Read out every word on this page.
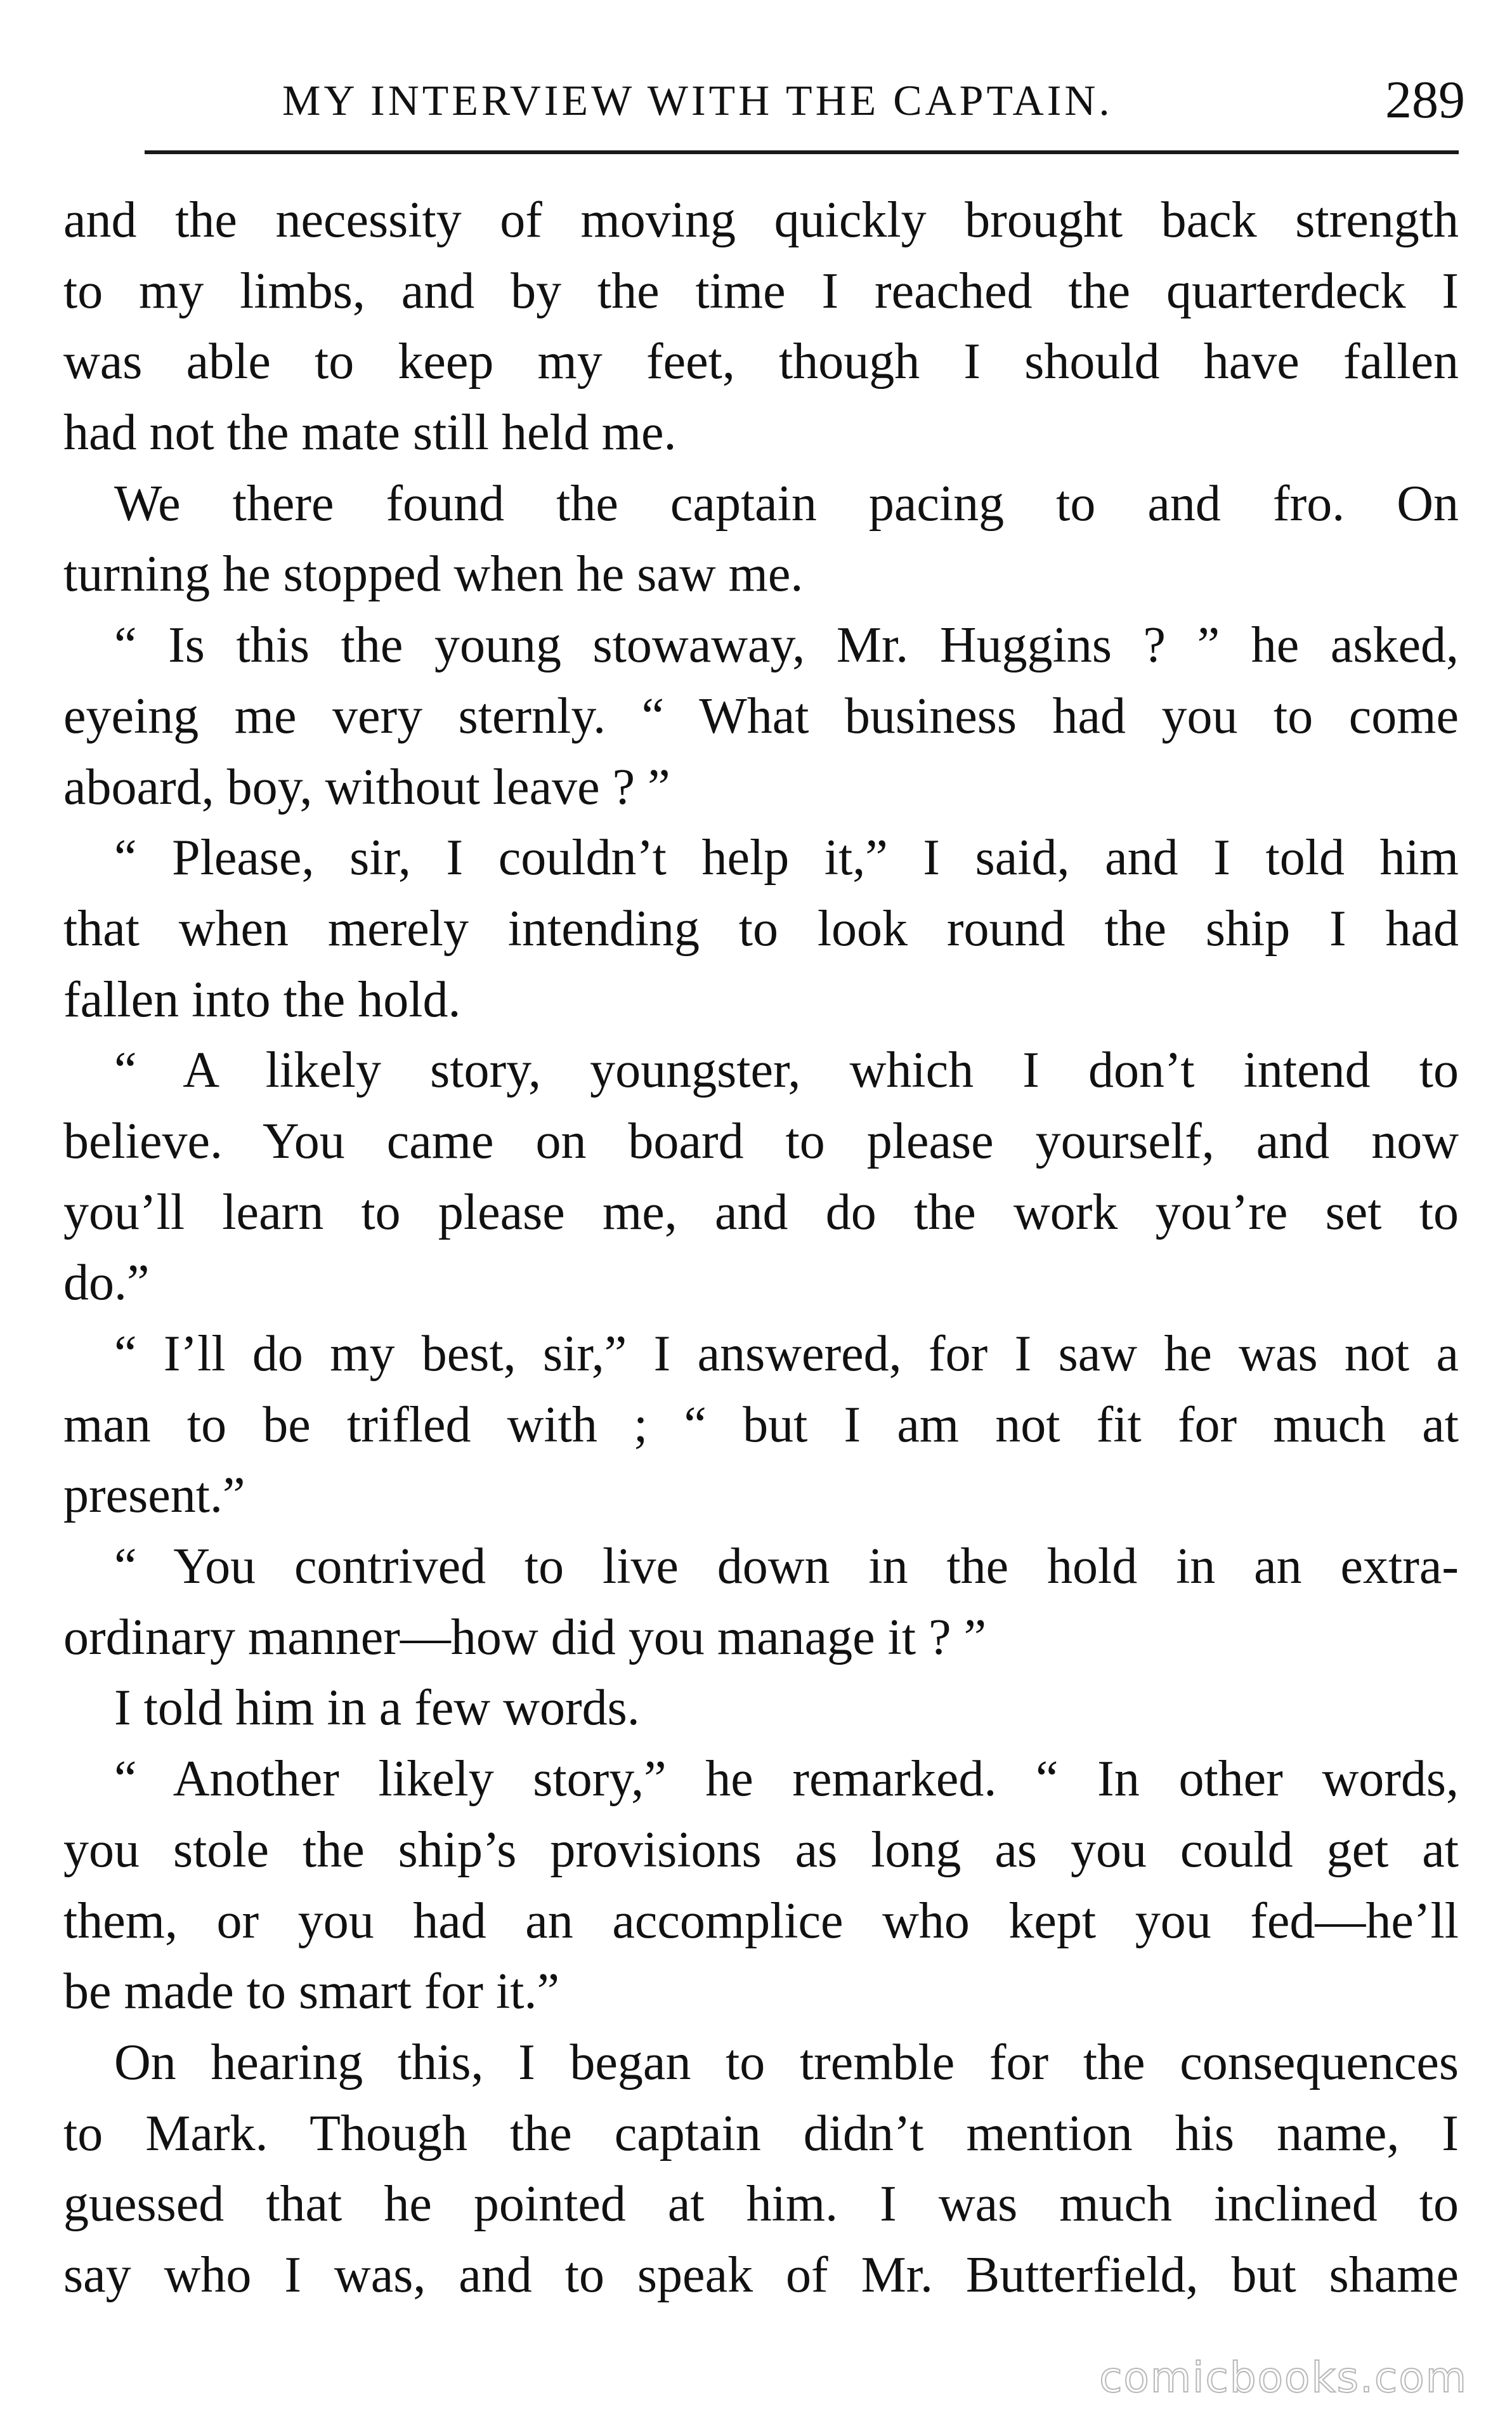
MY INTERVIEW WITH THE CAPTAIN.	289
and the necessity of moving quickly brought back strength
to my limbs, and by the time I reached the quarterdeck I
was able to keep my feet, though I should have fallen
had not the mate still held me.
We there found the captain pacing to and fro. On
turning he stopped when he saw me.
“ Is this the young stowaway, Mr. Huggins ? ” he asked,
eyeing me very sternly. “ What business had you to come
aboard, boy, without leave ? ”
“ Please, sir, I couldn’t help it,” I said, and I told him
that when merely intending to look round the ship I had
fallen into the hold.
“ A likely story, youngster, which I don’t intend to
believe. You came on board to please yourself, and now
you’ll learn to please me, and do the work you’re set to
do.”
“ I’ll do my best, sir,” I answered, for I saw he was not a
man to be trifled with ; “ but I am not fit for much at
present.”
“ You contrived to live down in the hold in an extra-
ordinary manner—how did you manage it ? ”
I told him in a few words.
“ Another likely story,” he remarked. “ In other words,
you stole the ship’s provisions as long as you could get at
them, or you had an accomplice who kept you fed—he’ll
be made to smart for it.”
On hearing this, I began to tremble for the consequences
to Mark. Though the captain didn’t mention his name, I
guessed that he pointed at him. I was much inclined to
say who I was, and to speak of Mr. Butterfield, but shame
comicbooks.com
